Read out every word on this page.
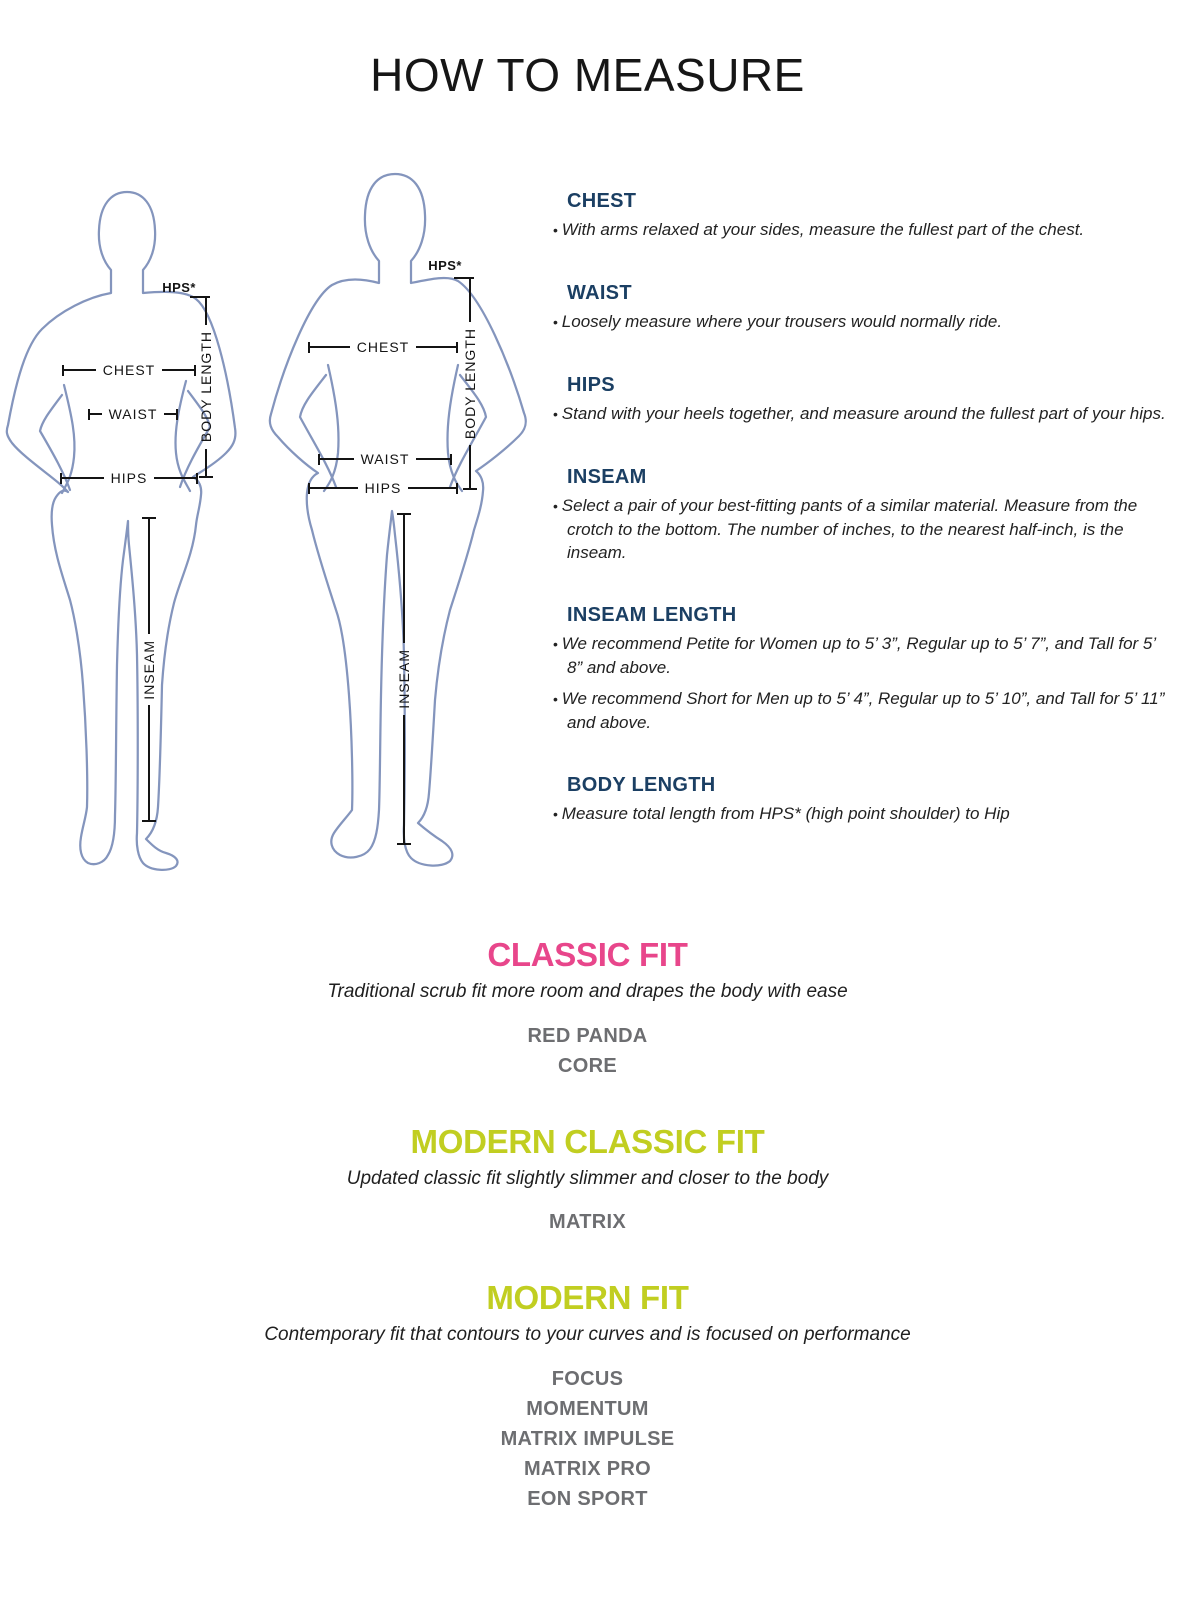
HOW TO MEASURE
HPS*
BODY LENGTH
CHEST
WAIST
HIPS
INSEAM
HPS*
BODY LENGTH
CHEST
WAIST
HIPS
INSEAM
CHEST

• With arms relaxed at your sides, measure the fullest part of the chest.

WAIST

• Loosely measure where your trousers would normally ride.

HIPS

• Stand with your heels together, and measure around the fullest part of your hips.

INSEAM

• Select a pair of your best-fitting pants of a similar material. Measure from the crotch to the bottom. The number of inches, to the nearest half-inch, is the inseam.

INSEAM LENGTH

• We recommend Petite for Women up to 5’ 3”, Regular up to 5’ 7”, and Tall for 5’ 8” and above.

• We recommend Short for Men up to 5’ 4”, Regular up to 5’ 10”, and Tall for 5’ 11” and above.

BODY LENGTH

• Measure total length from HPS* (high point shoulder) to Hip

CLASSIC FIT

Traditional scrub fit more room and drapes the body with ease

RED PANDA
CORE
MODERN CLASSIC FIT

Updated classic fit slightly slimmer and closer to the body

MATRIX
MODERN FIT

Contemporary fit that contours to your curves and is focused on performance

FOCUS
MOMENTUM
MATRIX IMPULSE
MATRIX PRO
EON SPORT
